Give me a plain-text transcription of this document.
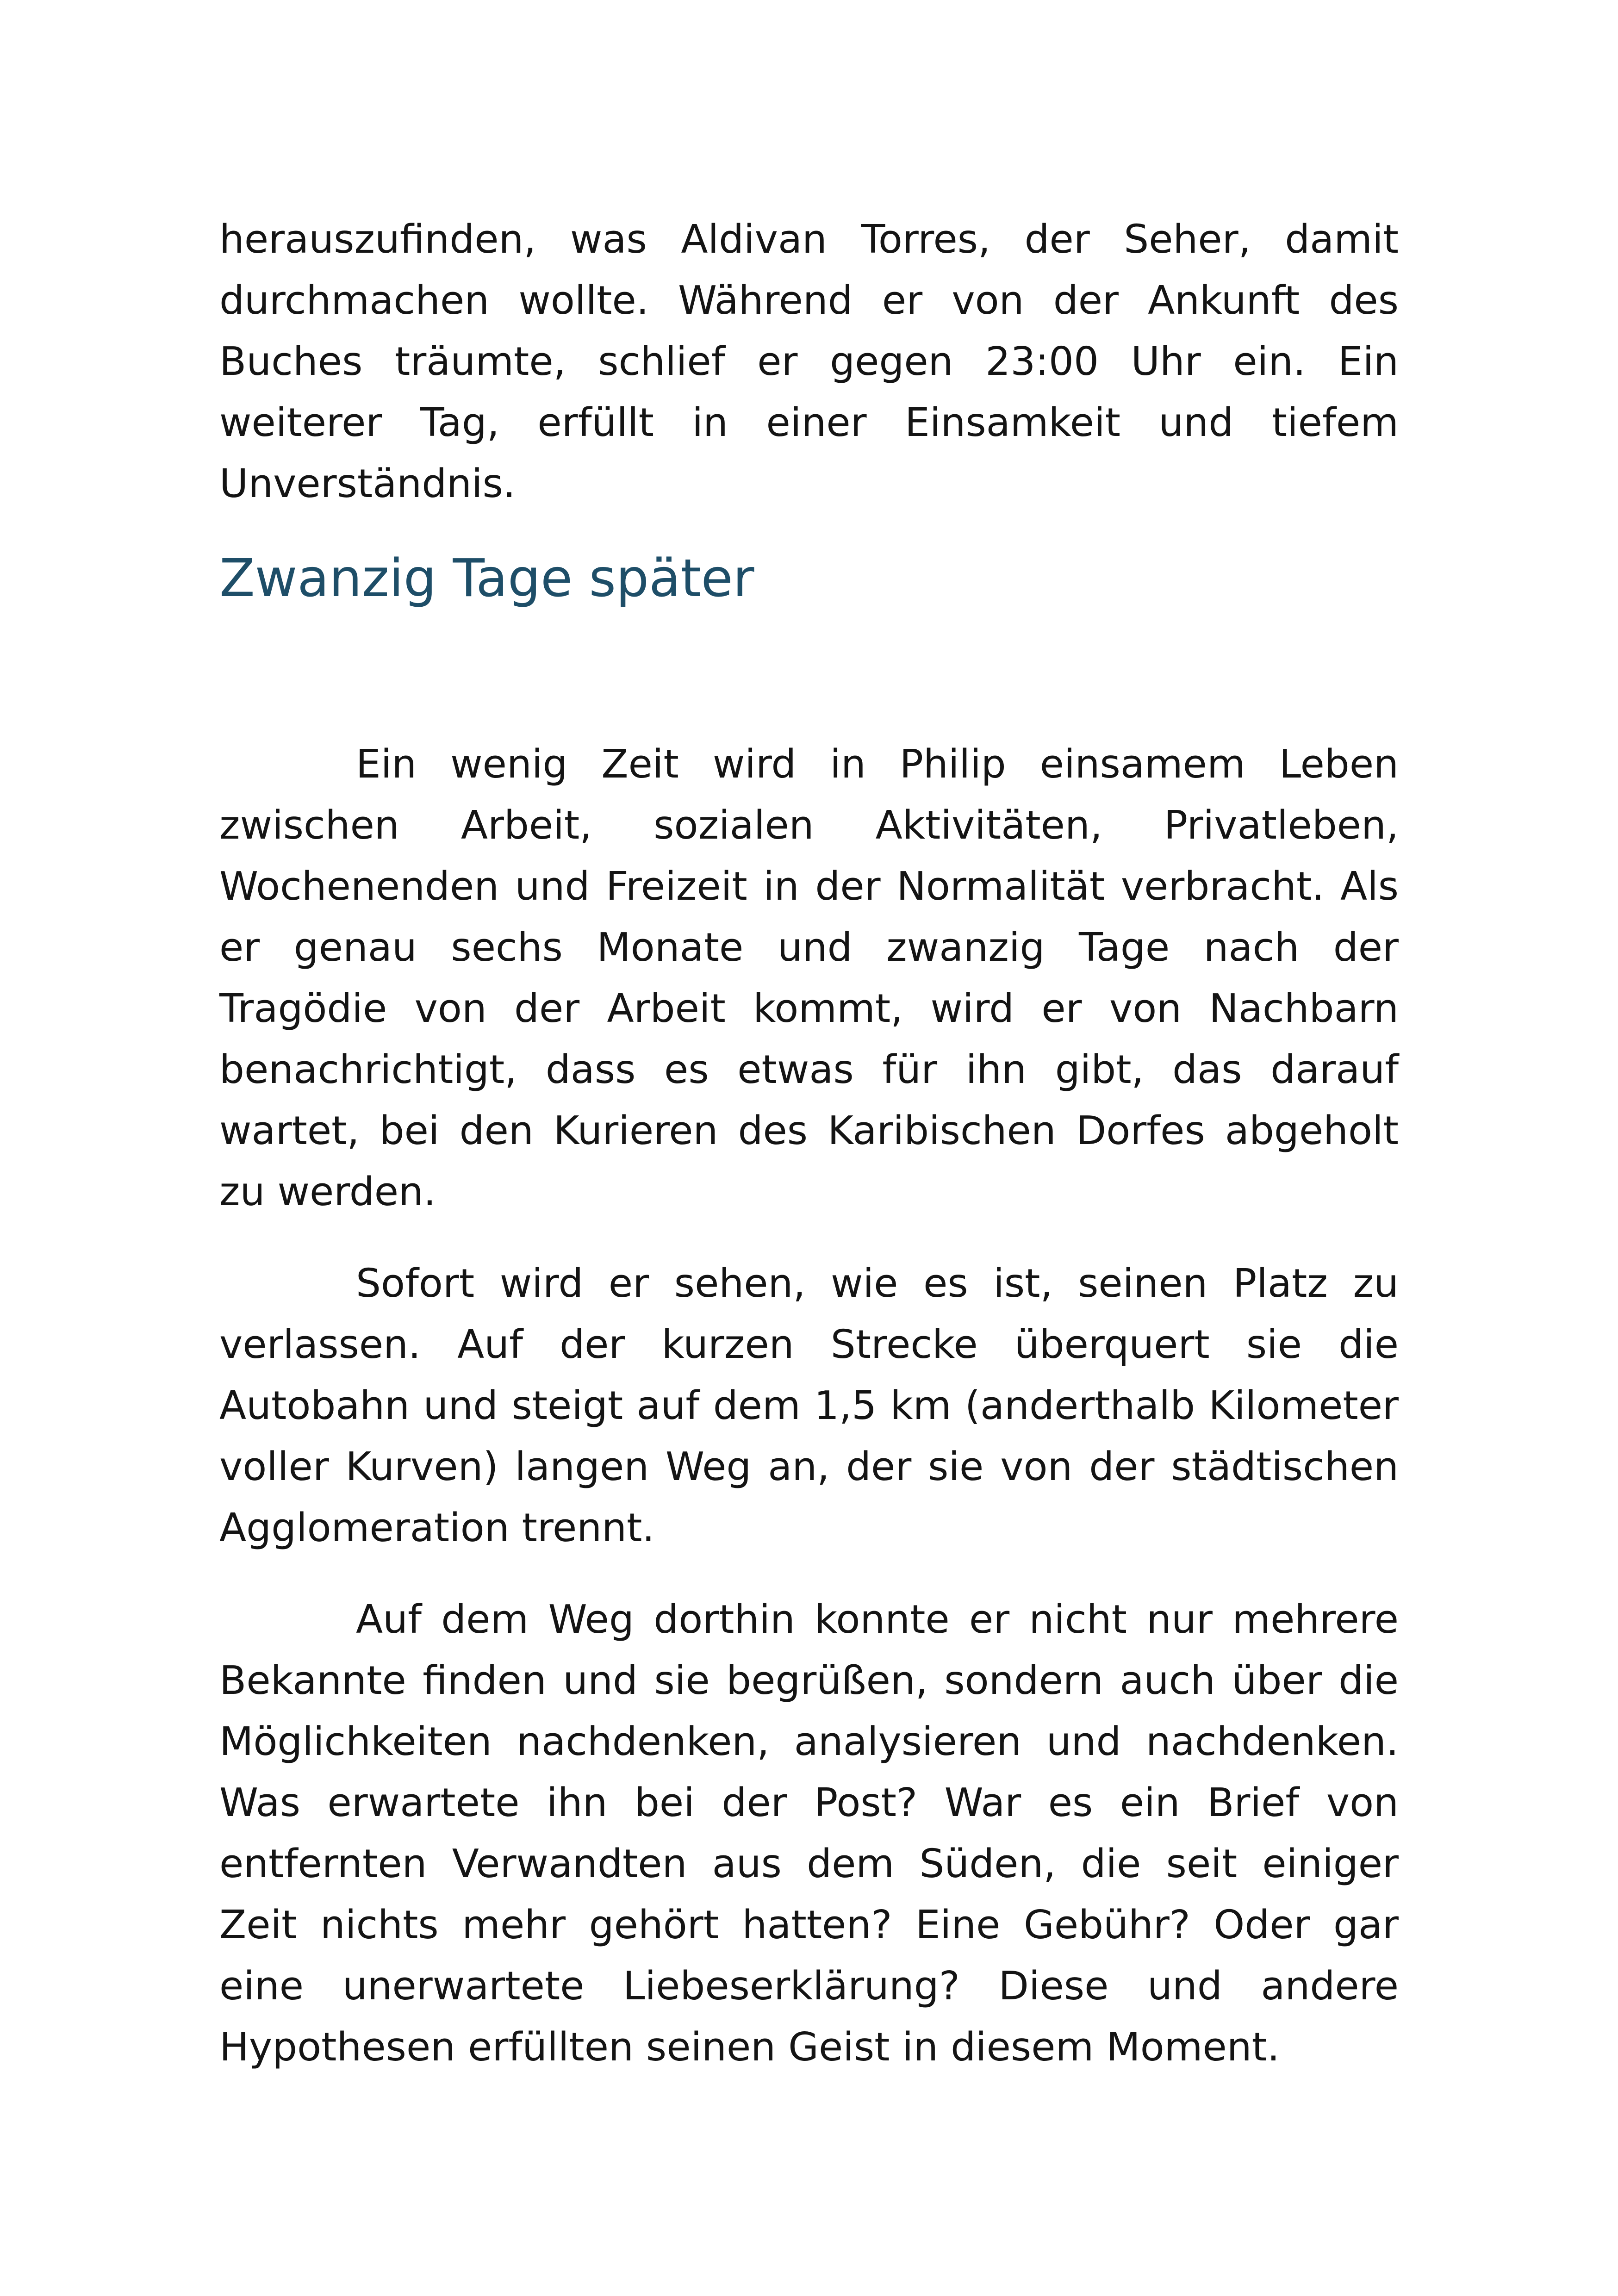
herauszufinden, was Aldivan Torres, der Seher, damit durchmachen wollte. Während er von der Ankunft des Buches träumte, schlief er gegen 23:00 Uhr ein. Ein weiterer Tag, erfüllt in einer Einsamkeit und tiefem Unverständnis.

Zwanzig Tage später

Ein wenig Zeit wird in Philip einsamem Leben zwischen Arbeit, sozialen Aktivitäten, Privatleben, Wochenenden und Freizeit in der Normalität verbracht. Als er genau sechs Monate und zwanzig Tage nach der Tragödie von der Arbeit kommt, wird er von Nachbarn benachrichtigt, dass es etwas für ihn gibt, das darauf wartet, bei den Kurieren des Karibischen Dorfes abgeholt zu werden.

Sofort wird er sehen, wie es ist, seinen Platz zu verlassen. Auf der kurzen Strecke überquert sie die Autobahn und steigt auf dem 1,5 km (anderthalb Kilometer voller Kurven) langen Weg an, der sie von der städtischen Agglomeration trennt.

Auf dem Weg dorthin konnte er nicht nur mehrere Bekannte finden und sie begrüßen, sondern auch über die Möglichkeiten nachdenken, analysieren und nachdenken. Was erwartete ihn bei der Post? War es ein Brief von entfernten Verwandten aus dem Süden, die seit einiger Zeit nichts mehr gehört hatten? Eine Gebühr? Oder gar eine unerwartete Liebeserklärung? Diese und andere Hypothesen erfüllten seinen Geist in diesem Moment.
